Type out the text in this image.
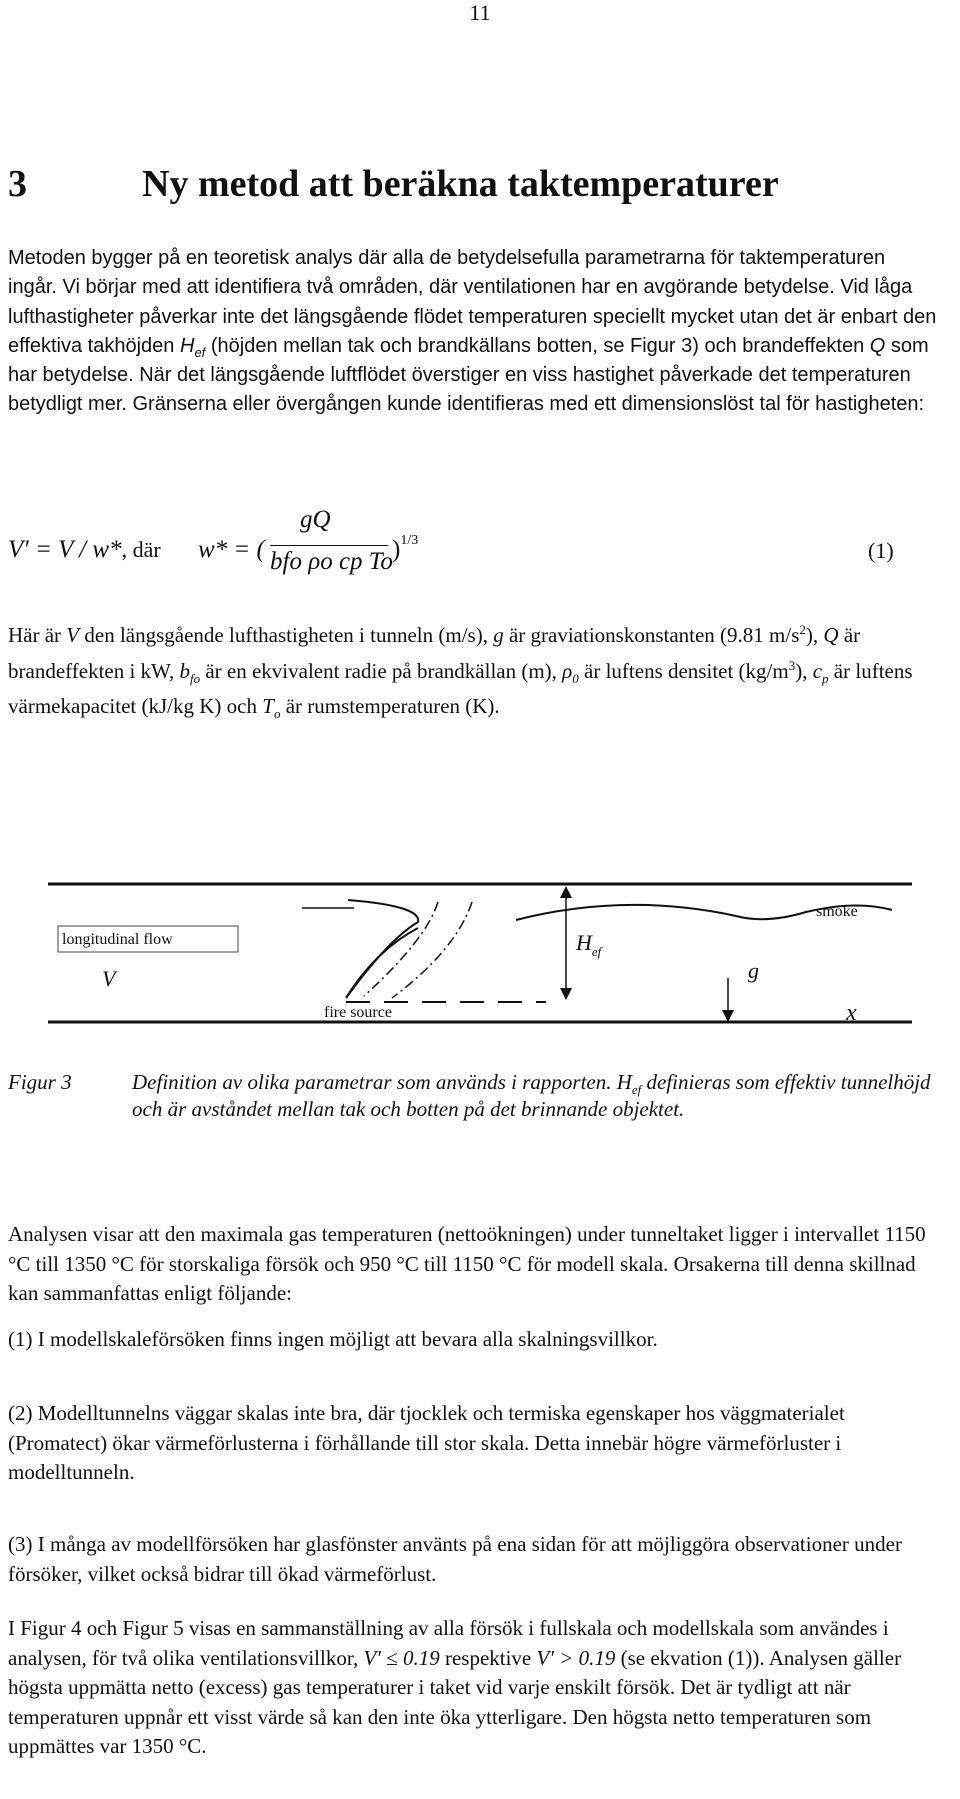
11
3	Ny metod att beräkna taktemperaturer
Metoden bygger på en teoretisk analys där alla de betydelsefulla parametrarna för taktemperaturen ingår. Vi börjar med att identifiera två områden, där ventilationen har en avgörande betydelse. Vid låga lufthastigheter påverkar inte det längsgående flödet temperaturen speciellt mycket utan det är enbart den effektiva takhöjden $H_{ef}$ (höjden mellan tak och brandkällans botten, se Figur 3) och brandeffekten Q som har betydelse. När det längsgående luftflödet överstiger en viss hastighet påverkade det temperaturen betydligt mer. Gränserna eller övergången kunde identifieras med ett dimensionslöst tal för hastigheten:
V′ = V / w*, där w* = (
gQ
bfo ρo cp To )$^{1/3}$	(1)
Här är V den längsgående lufthastigheten i tunneln (m/s), g är graviationskonstanten (9.81 $m/s^2$), Q är brandeffekten i kW, $b_{fo}$ är en ekvivalent radie på brandkällan (m), $\rho_0$ är luftens densitet $(kg/m^3)$, $c_p$ är luftens värmekapacitet (kJ/kg K) och $T_o$ är rumstemperaturen (K).
longitudinal flow
V
fire source
$H_{ef}$
smoke
g
x
Figur 3	Definition av olika parametrar som används i rapporten. $H_{ef}$ definieras som effektiv tunnelhöjd och är avståndet mellan tak och botten på det brinnande objektet.
Analysen visar att den maximala gas temperaturen (nettoökningen) under tunneltaket ligger i intervallet 1150 °C till 1350 °C för storskaliga försök och 950 °C till 1150 °C för modell skala. Orsakerna till denna skillnad kan sammanfattas enligt följande:
(1) I modellskaleförsöken finns ingen möjligt att bevara alla skalningsvillkor.
(2) Modelltunnelns väggar skalas inte bra, där tjocklek och termiska egenskaper hos väggmaterialet (Promatect) ökar värmeförlusterna i förhållande till stor skala. Detta innebär högre värmeförluster i modelltunneln.
(3) I många av modellförsöken har glasfönster använts på ena sidan för att möjliggöra observationer under försöker, vilket också bidrar till ökad värmeförlust.
I Figur 4 och Figur 5 visas en sammanställning av alla försök i fullskala och modellskala som användes i analysen, för två olika ventilationsvillkor, V′ ≤ 0.19 respektive V′ > 0.19 (se ekvation (1)). Analysen gäller högsta uppmätta netto (excess) gas temperaturer i taket vid varje enskilt försök. Det är tydligt att när temperaturen uppnår ett visst värde så kan den inte öka ytterligare. Den högsta netto temperaturen som uppmättes var 1350 °C.
